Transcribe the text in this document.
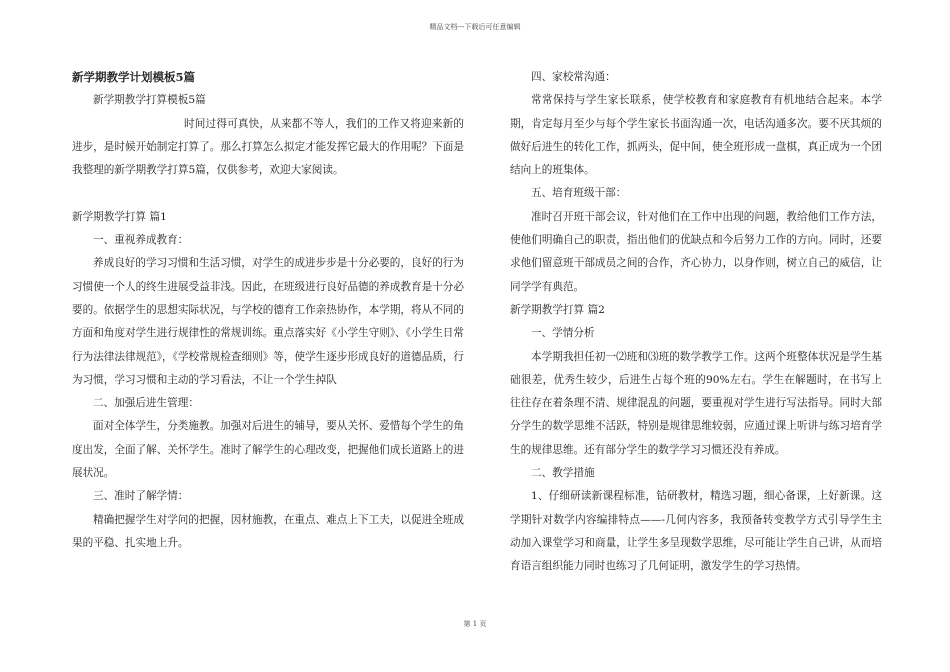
精品文档---下载后可任意编辑

新学期教学计划模板5篇

新学期教学打算模板5篇

时间过得可真快，从来都不等人，我们的工作又将迎来新的进步，是时候开始制定打算了。那么打算怎么拟定才能发挥它最大的作用呢？下面是我整理的新学期教学打算5篇，仅供参考，欢迎大家阅读。

新学期教学打算 篇1

一、重视养成教育：

养成良好的学习习惯和生活习惯，对学生的成进步步是十分必要的，良好的行为习惯使一个人的终生进展受益非浅。因此，在班级进行良好品德的养成教育是十分必要的。依据学生的思想实际状况，与学校的德育工作亲热协作，本学期，将从不同的方面和角度对学生进行规律性的常规训练。重点落实好《小学生守则》、《小学生日常行为法律法律规范》，《学校常规检查细则》等，使学生逐步形成良好的道德品质，行为习惯，学习习惯和主动的学习看法，不让一个学生掉队

二、加强后进生管理：

面对全体学生，分类施教。加强对后进生的辅导，要从关怀、爱惜每个学生的角度出发，全面了解、关怀学生。准时了解学生的心理改变，把握他们成长道路上的进展状况。

三、准时了解学情：

精确把握学生对学问的把握，因材施教，在重点、难点上下工夫，以促进全班成果的平稳、扎实地上升。

四、家校常沟通：

常常保持与学生家长联系，使学校教育和家庭教育有机地结合起来。本学期，肯定每月至少与每个学生家长书面沟通一次，电话沟通多次。要不厌其烦的做好后进生的转化工作，抓两头，促中间，使全班形成一盘棋，真正成为一个团结向上的班集体。

五、培育班级干部：

准时召开班干部会议，针对他们在工作中出现的问题，教给他们工作方法，使他们明确自己的职责，指出他们的优缺点和今后努力工作的方向。同时，还要求他们留意班干部成员之间的合作，齐心协力，以身作则，树立自己的威信，让同学学有典范。

新学期教学打算 篇2

一、学情分析

本学期我担任初一⑵班和⑶班的数学教学工作。这两个班整体状况是学生基础很差，优秀生较少，后进生占每个班的90%左右。学生在解题时，在书写上往往存在着条理不清、规律混乱的问题，要重视对学生进行写法指导。同时大部分学生的数学思维不活跃，特别是规律思维较弱，应通过课上听讲与练习培育学生的规律思维。还有部分学生的数学学习习惯还没有养成。

二、教学措施

1、仔细研读新课程标准，钻研教材，精选习题，细心备课，上好新课。这学期针对数学内容编排特点——-几何内容多，我预备转变教学方式引导学生主动加入课堂学习和商量，让学生多呈现数学思维，尽可能让学生自己讲，从而培育语言组织能力同时也练习了几何证明，激发学生的学习热情。

第 1 页
